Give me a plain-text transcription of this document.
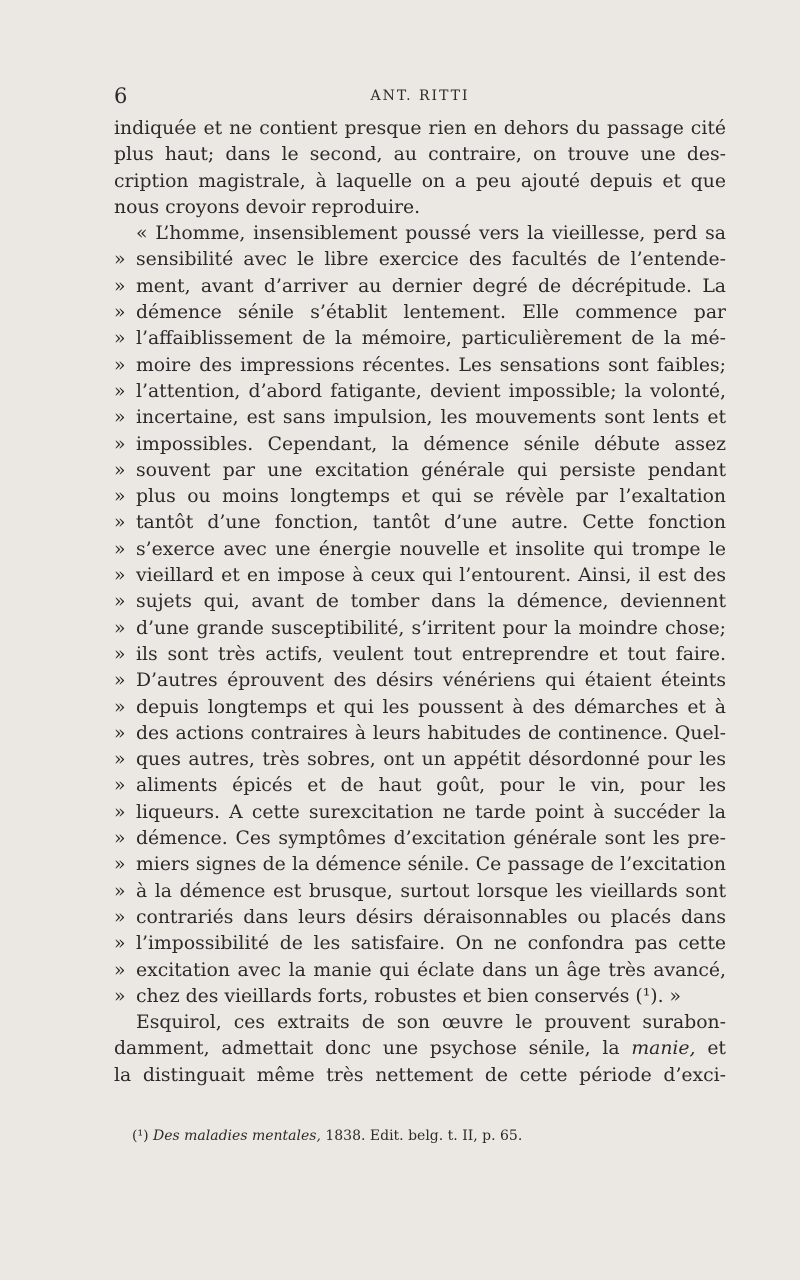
6	ANT. RITTI
indiquée et ne contient presque rien en dehors du passage cité
plus haut; dans le second, au contraire, on trouve une des-
cription magistrale, à laquelle on a peu ajouté depuis et que
nous croyons devoir reproduire.
« L’homme, insensiblement poussé vers la vieillesse, perd sa
» sensibilité avec le libre exercice des facultés de l’entende-
» ment, avant d’arriver au dernier degré de décrépitude. La
» démence sénile s’établit lentement. Elle commence par
» l’affaiblissement de la mémoire, particulièrement de la mé-
» moire des impressions récentes. Les sensations sont faibles;
» l’attention, d’abord fatigante, devient impossible; la volonté,
» incertaine, est sans impulsion, les mouvements sont lents et
» impossibles. Cependant, la démence sénile débute assez
» souvent par une excitation générale qui persiste pendant
» plus ou moins longtemps et qui se révèle par l’exaltation
» tantôt d’une fonction, tantôt d’une autre. Cette fonction
» s’exerce avec une énergie nouvelle et insolite qui trompe le
» vieillard et en impose à ceux qui l’entourent. Ainsi, il est des
» sujets qui, avant de tomber dans la démence, deviennent
» d’une grande susceptibilité, s’irritent pour la moindre chose;
» ils sont très actifs, veulent tout entreprendre et tout faire.
» D’autres éprouvent des désirs vénériens qui étaient éteints
» depuis longtemps et qui les poussent à des démarches et à
» des actions contraires à leurs habitudes de continence. Quel-
» ques autres, très sobres, ont un appétit désordonné pour les
» aliments épicés et de haut goût, pour le vin, pour les
» liqueurs. A cette surexcitation ne tarde point à succéder la
» démence. Ces symptômes d’excitation générale sont les pre-
» miers signes de la démence sénile. Ce passage de l’excitation
» à la démence est brusque, surtout lorsque les vieillards sont
» contrariés dans leurs désirs déraisonnables ou placés dans
» l’impossibilité de les satisfaire. On ne confondra pas cette
» excitation avec la manie qui éclate dans un âge très avancé,
» chez des vieillards forts, robustes et bien conservés (¹). »
Esquirol, ces extraits de son œuvre le prouvent surabon-
damment, admettait donc une psychose sénile, la manie, et
la distinguait même très nettement de cette période d’exci-
(¹) Des maladies mentales, 1838. Edit. belg. t. II, p. 65.
